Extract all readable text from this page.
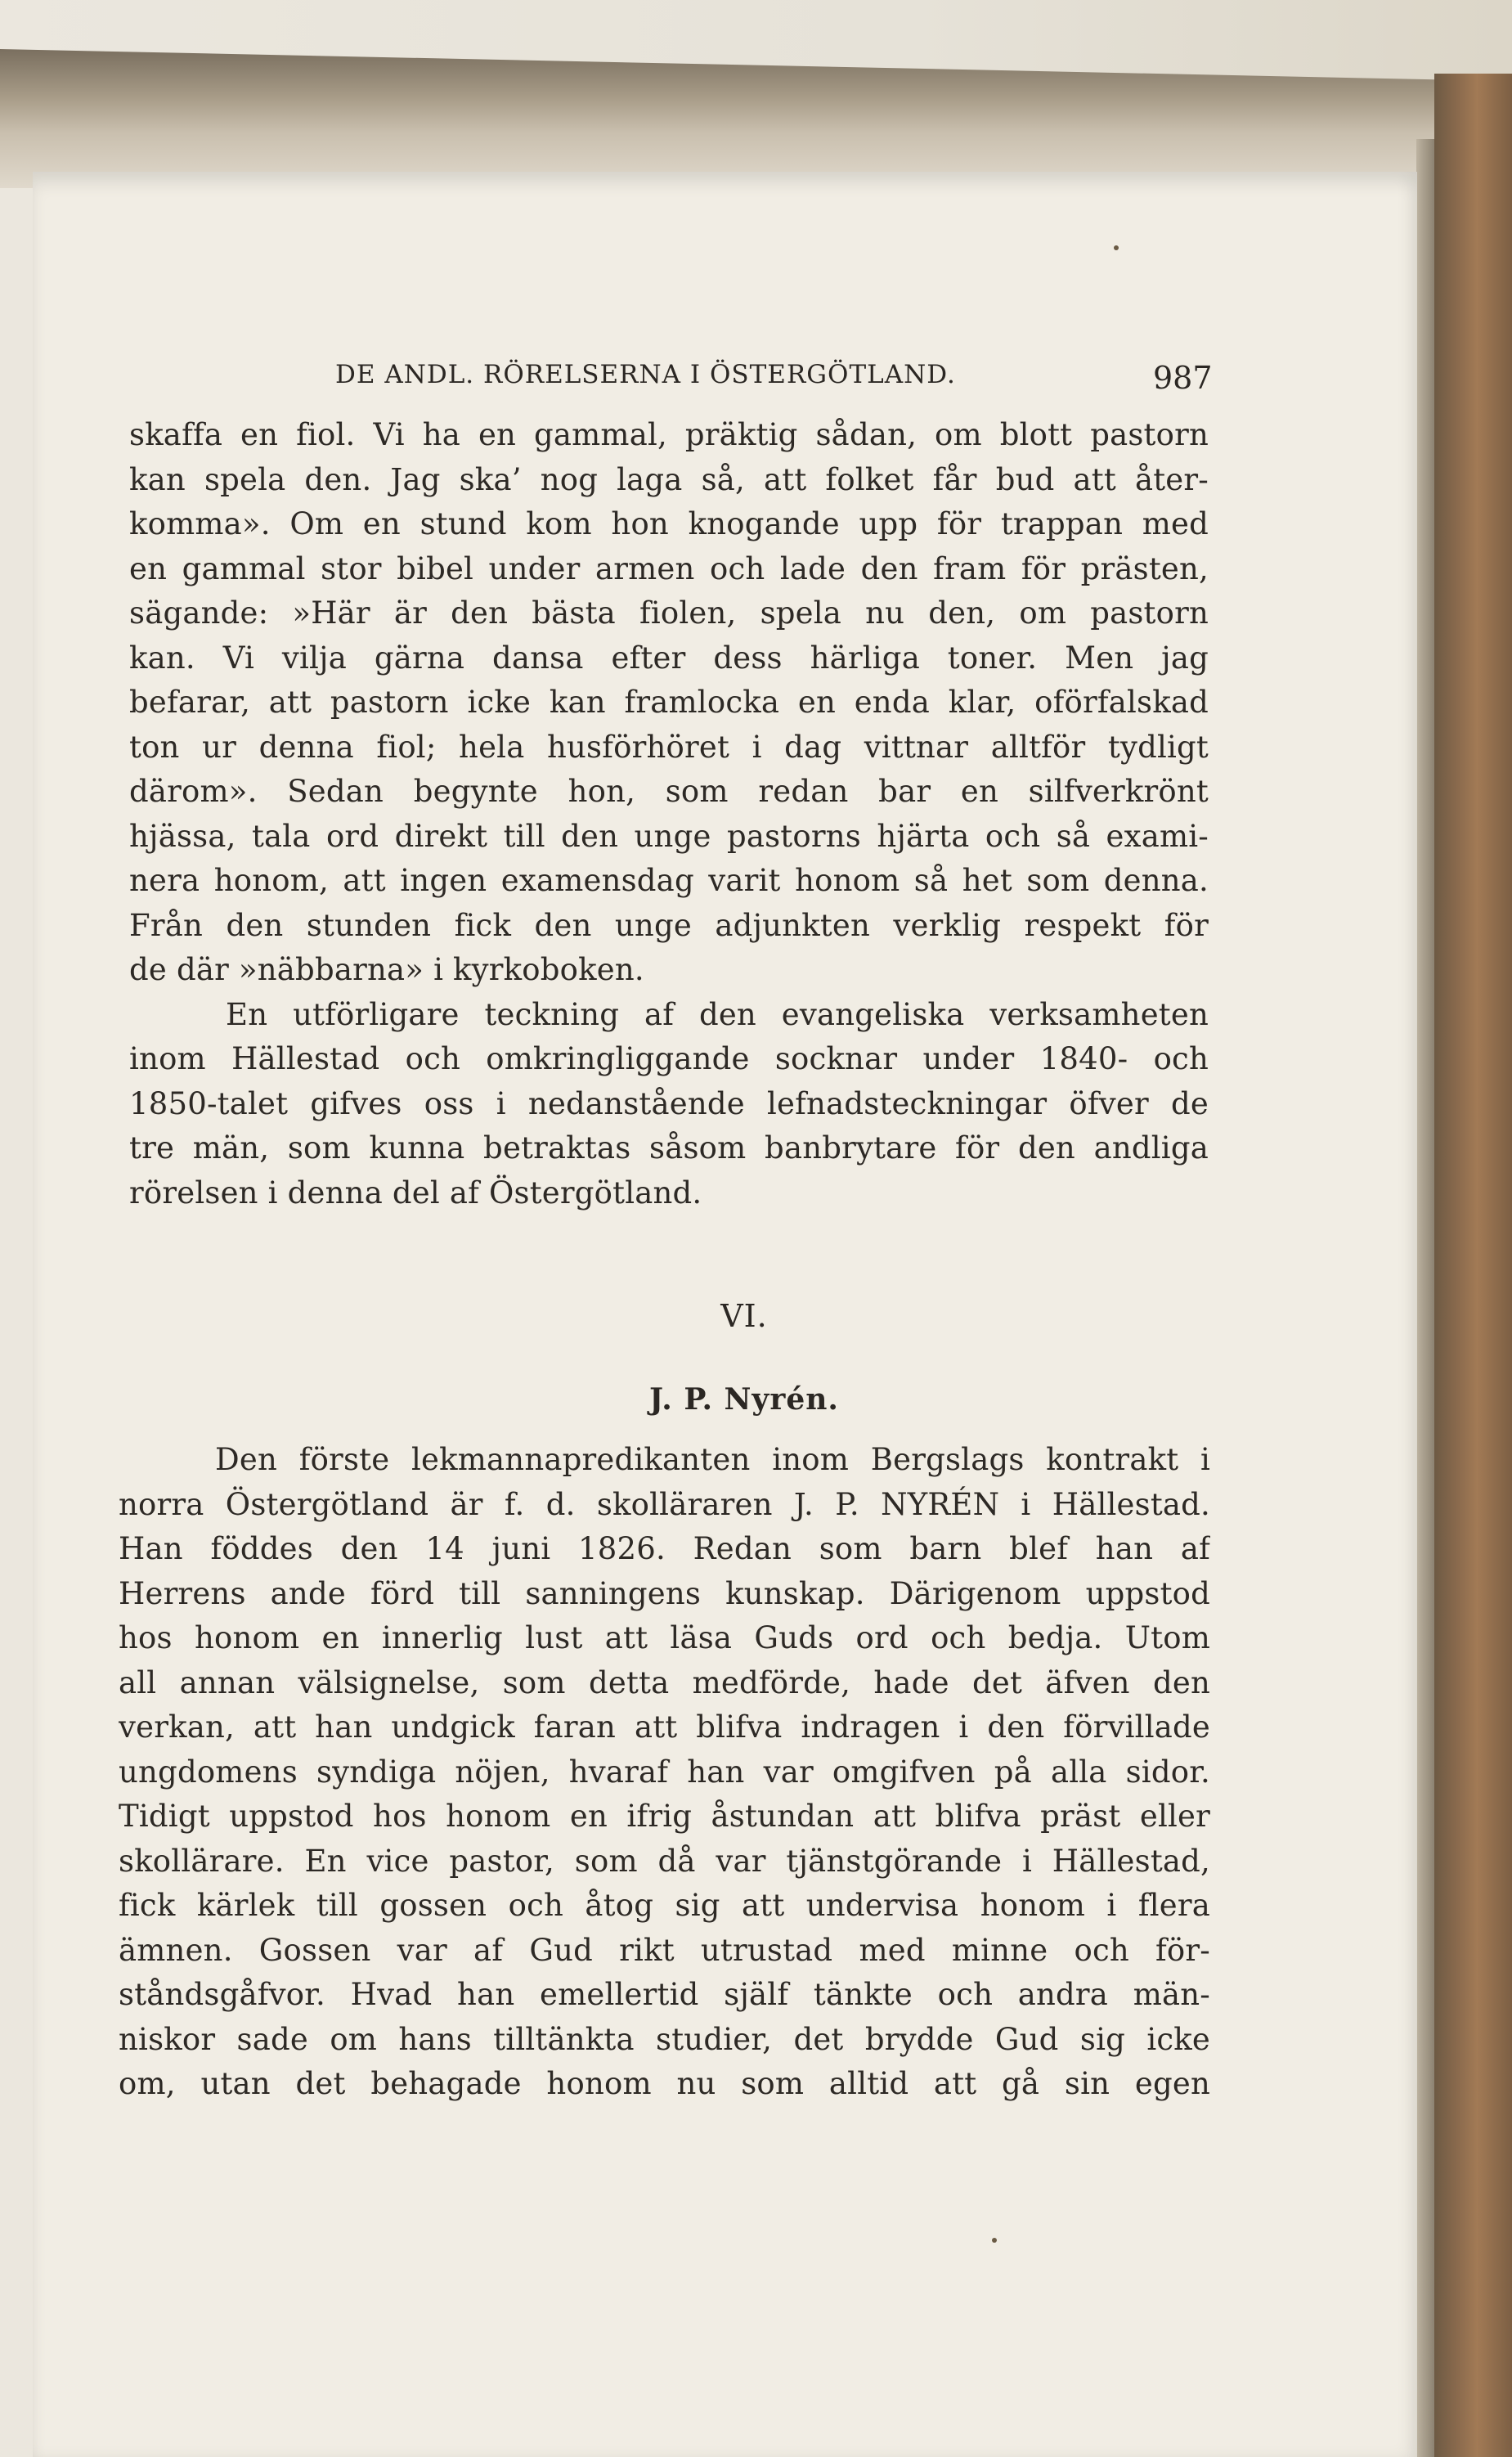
DE ANDL. RÖRELSERNA I ÖSTERGÖTLAND.	987
skaffa en fiol. Vi ha en gammal, präktig sådan, om blott pastorn
kan spela den. Jag ska’ nog laga så, att folket får bud att åter-
komma». Om en stund kom hon knogande upp för trappan med
en gammal stor bibel under armen och lade den fram för prästen,
sägande: »Här är den bästa fiolen, spela nu den, om pastorn
kan. Vi vilja gärna dansa efter dess härliga toner. Men jag
befarar, att pastorn icke kan framlocka en enda klar, oförfalskad
ton ur denna fiol; hela husförhöret i dag vittnar alltför tydligt
därom». Sedan begynte hon, som redan bar en silfverkrönt
hjässa, tala ord direkt till den unge pastorns hjärta och så exami-
nera honom, att ingen examensdag varit honom så het som denna.
Från den stunden fick den unge adjunkten verklig respekt för
de där »näbbarna» i kyrkoboken.
En utförligare teckning af den evangeliska verksamheten
inom Hällestad och omkringliggande socknar under 1840- och
1850-talet gifves oss i nedanstående lefnadsteckningar öfver de
tre män, som kunna betraktas såsom banbrytare för den andliga
rörelsen i denna del af Östergötland.
VI.
J. P. Nyrén.
Den förste lekmannapredikanten inom Bergslags kontrakt i
norra Östergötland är f. d. skolläraren J. P. NYRÉN i Hällestad.
Han föddes den 14 juni 1826. Redan som barn blef han af
Herrens ande förd till sanningens kunskap. Därigenom uppstod
hos honom en innerlig lust att läsa Guds ord och bedja. Utom
all annan välsignelse, som detta medförde, hade det äfven den
verkan, att han undgick faran att blifva indragen i den förvillade
ungdomens syndiga nöjen, hvaraf han var omgifven på alla sidor.
Tidigt uppstod hos honom en ifrig åstundan att blifva präst eller
skollärare. En vice pastor, som då var tjänstgörande i Hällestad,
fick kärlek till gossen och åtog sig att undervisa honom i flera
ämnen. Gossen var af Gud rikt utrustad med minne och för-
ståndsgåfvor. Hvad han emellertid själf tänkte och andra män-
niskor sade om hans tilltänkta studier, det brydde Gud sig icke
om, utan det behagade honom nu som alltid att gå sin egen
